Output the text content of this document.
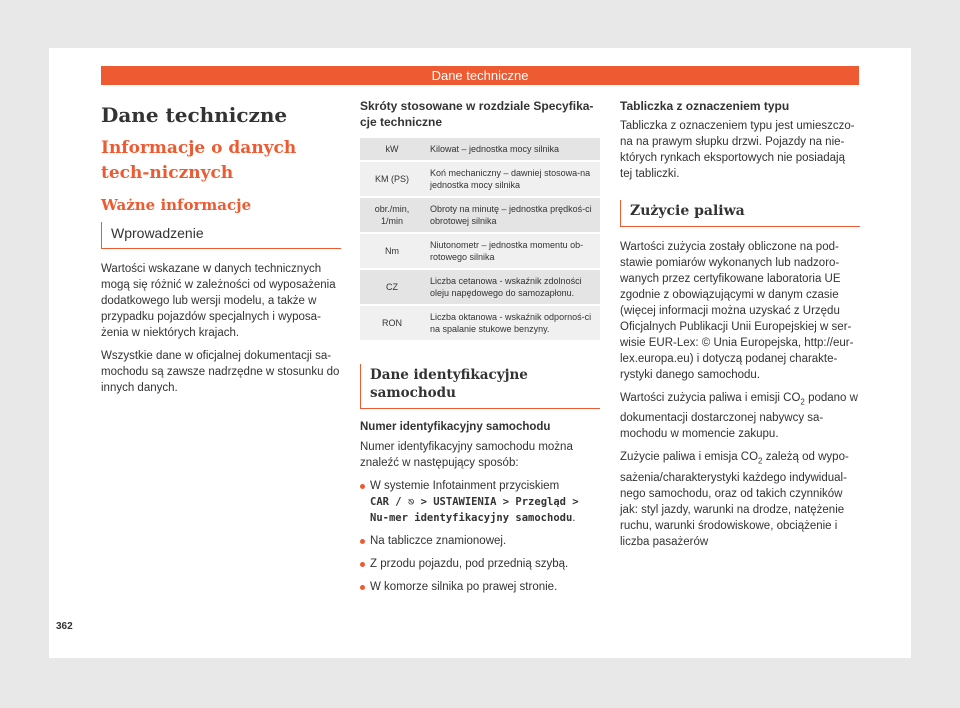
Dane techniczne
Dane techniczne
Informacje o danych tech-nicznych
Ważne informacje
Wprowadzenie

Wartości wskazane w danych technicznych mogą się różnić w zależności od wyposażenia dodatkowego lub wersji modelu, a także w przypadku pojazdów specjalnych i wyposa-żenia w niektórych krajach.

Wszystkie dane w oficjalnej dokumentacji sa-mochodu są zawsze nadrzędne w stosunku do innych danych.

Skróty stosowane w rozdziale Specyfika-cje techniczne
kW	Kilowat – jednostka mocy silnika
KM (PS)	Koń mechaniczny – dawniej stosowa-na jednostka mocy silnika
obr./min, 1/min	Obroty na minutę – jednostka prędkoś-ci obrotowej silnika
Nm	Niutonometr – jednostka momentu ob-rotowego silnika
CZ	Liczba cetanowa - wskaźnik zdolności oleju napędowego do samozapłonu.
RON	Liczba oktanowa - wskaźnik odpornoś-ci na spalanie stukowe benzyny.
Dane identyfikacyjne samochodu
Numer identyfikacyjny samochodu

Numer identyfikacyjny samochodu można znaleźć w następujący sposób:

W systemie Infotainment przyciskiem
CAR / ⎋ > USTAWIENIA > Przegląd > Nu-mer identyfikacyjny samochodu.
Na tabliczce znamionowej.
Z przodu pojazdu, pod przednią szybą.
W komorze silnika po prawej stronie.
Tabliczka z oznaczeniem typu

Tabliczka z oznaczeniem typu jest umieszczo-na na prawym słupku drzwi. Pojazdy na nie-których rynkach eksportowych nie posiadają tej tabliczki.

Zużycie paliwa

Wartości zużycia zostały obliczone na pod-stawie pomiarów wykonanych lub nadzoro-wanych przez certyfikowane laboratoria UE zgodnie z obowiązującymi w danym czasie (więcej informacji można uzyskać z Urzędu Oficjalnych Publikacji Unii Europejskiej w ser-wisie EUR-Lex: © Unia Europejska, http://eur-lex.europa.eu) i dotyczą podanej charakte-rystyki danego samochodu.

Wartości zużycia paliwa i emisji $CO_2$ podano w dokumentacji dostarczonej nabywcy sa-mochodu w momencie zakupu.

Zużycie paliwa i emisja $CO_2$ zależą od wypo-sażenia/charakterystyki każdego indywidual-nego samochodu, oraz od takich czynników jak: styl jazdy, warunki na drodze, natężenie ruchu, warunki środowiskowe, obciążenie i liczba pasażerów

362
